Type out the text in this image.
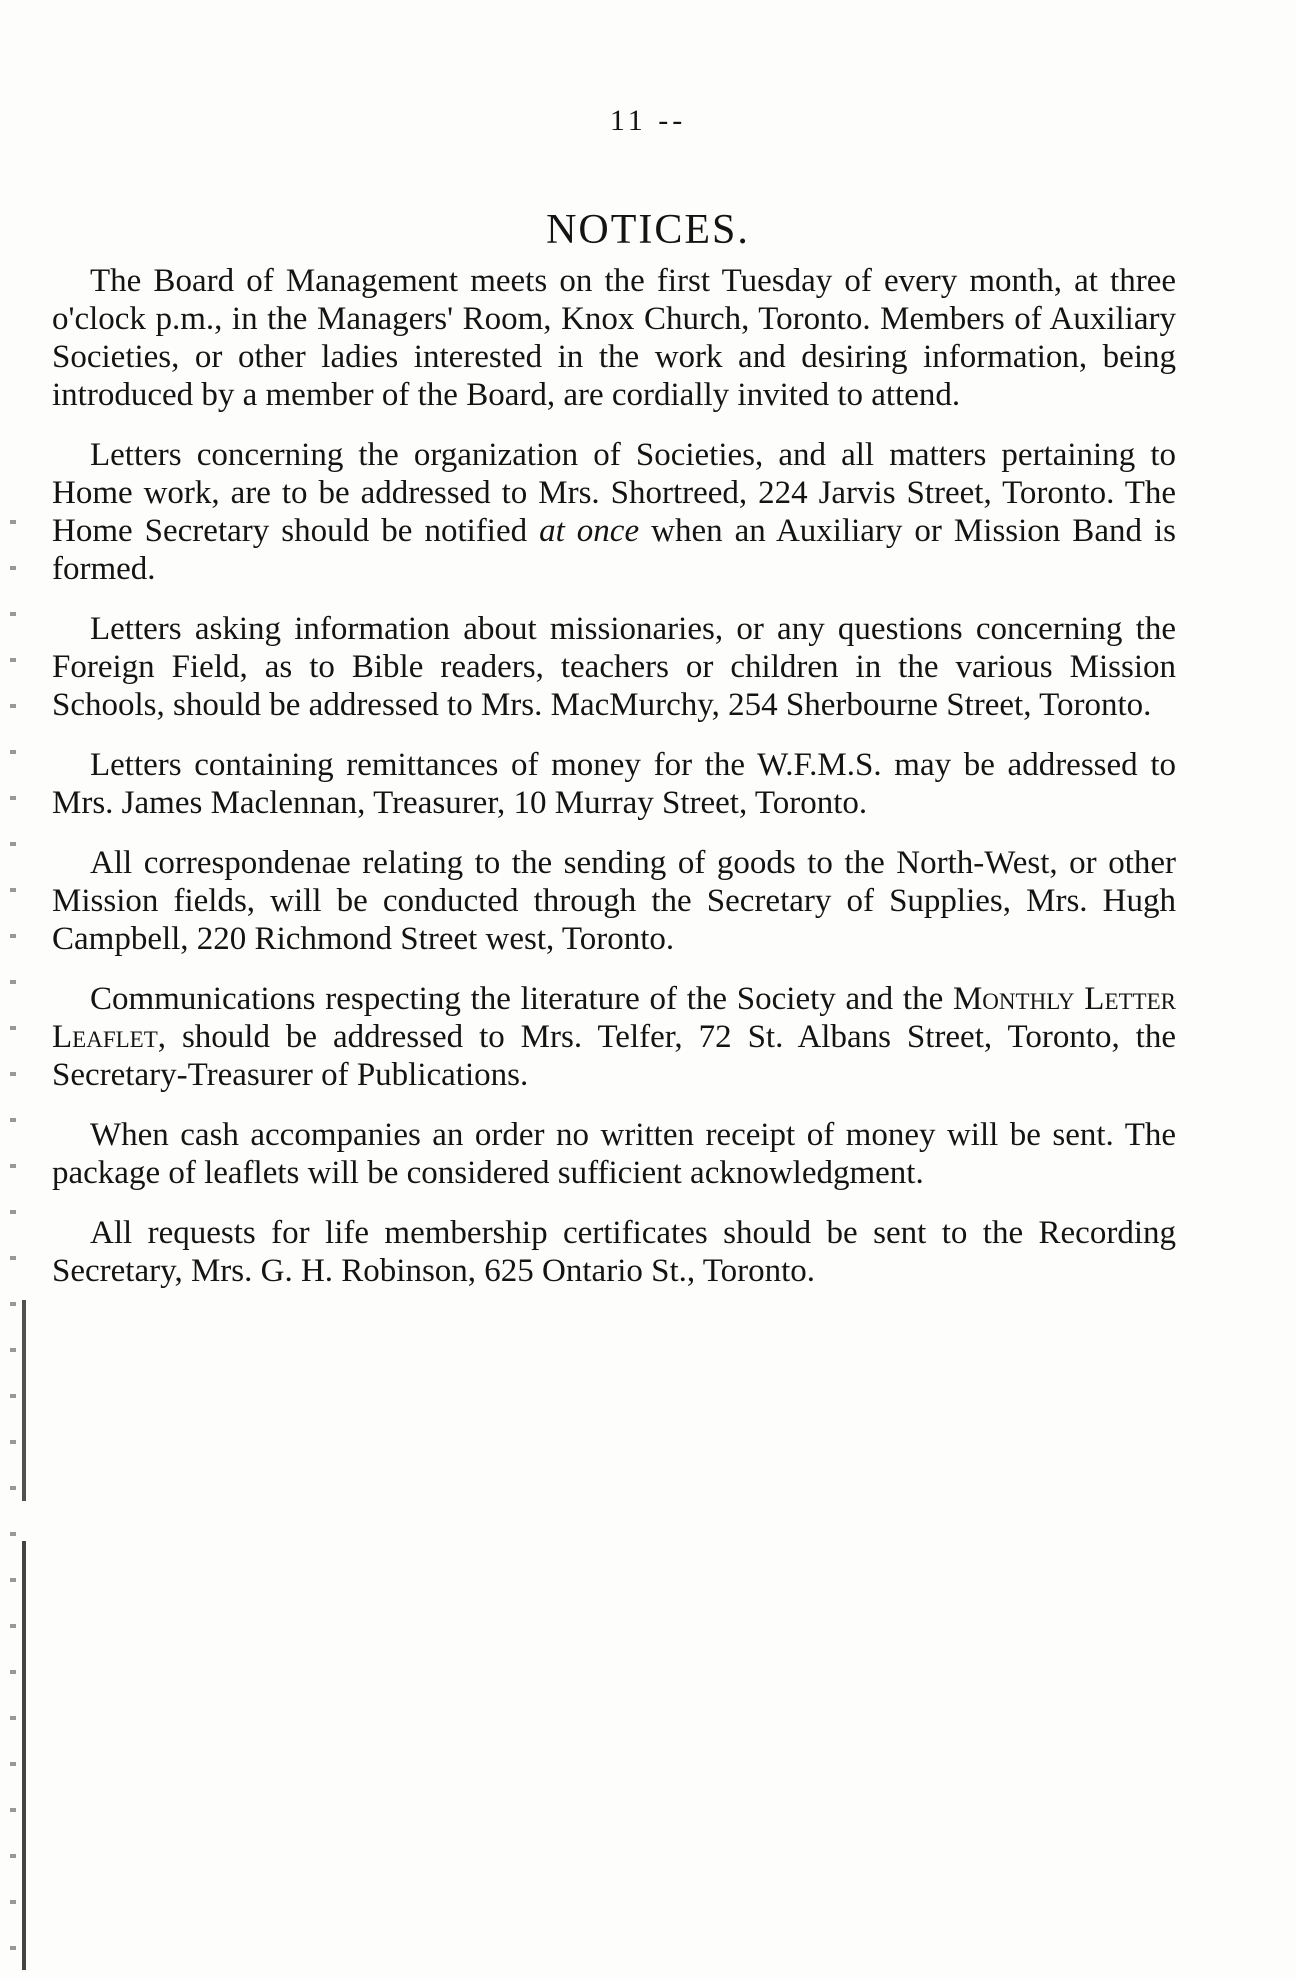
11 --
NOTICES.

The Board of Management meets on the first Tuesday of every month, at three o'clock p.m., in the Managers' Room, Knox Church, Toronto. Members of Auxiliary Societies, or other ladies interested in the work and desiring information, being introduced by a member of the Board, are cordially invited to attend.

Letters concerning the organization of Societies, and all matters pertaining to Home work, are to be addressed to Mrs. Shortreed, 224 Jarvis Street, Toronto. The Home Secretary should be notified at once when an Auxiliary or Mission Band is formed.

Letters asking information about missionaries, or any questions concerning the Foreign Field, as to Bible readers, teachers or children in the various Mission Schools, should be addressed to Mrs. MacMurchy, 254 Sherbourne Street, Toronto.

Letters containing remittances of money for the W.F.M.S. may be addressed to Mrs. James Maclennan, Treasurer, 10 Murray Street, Toronto.

All correspondenae relating to the sending of goods to the North-West, or other Mission fields, will be conducted through the Secretary of Supplies, Mrs. Hugh Campbell, 220 Richmond Street west, Toronto.

Communications respecting the literature of the Society and the Monthly Letter Leaflet, should be addressed to Mrs. Telfer, 72 St. Albans Street, Toronto, the Secretary-Treasurer of Publications.

When cash accompanies an order no written receipt of money will be sent. The package of leaflets will be considered sufficient acknowledgment.

All requests for life membership certificates should be sent to the Recording Secretary, Mrs. G. H. Robinson, 625 Ontario St., Toronto.
